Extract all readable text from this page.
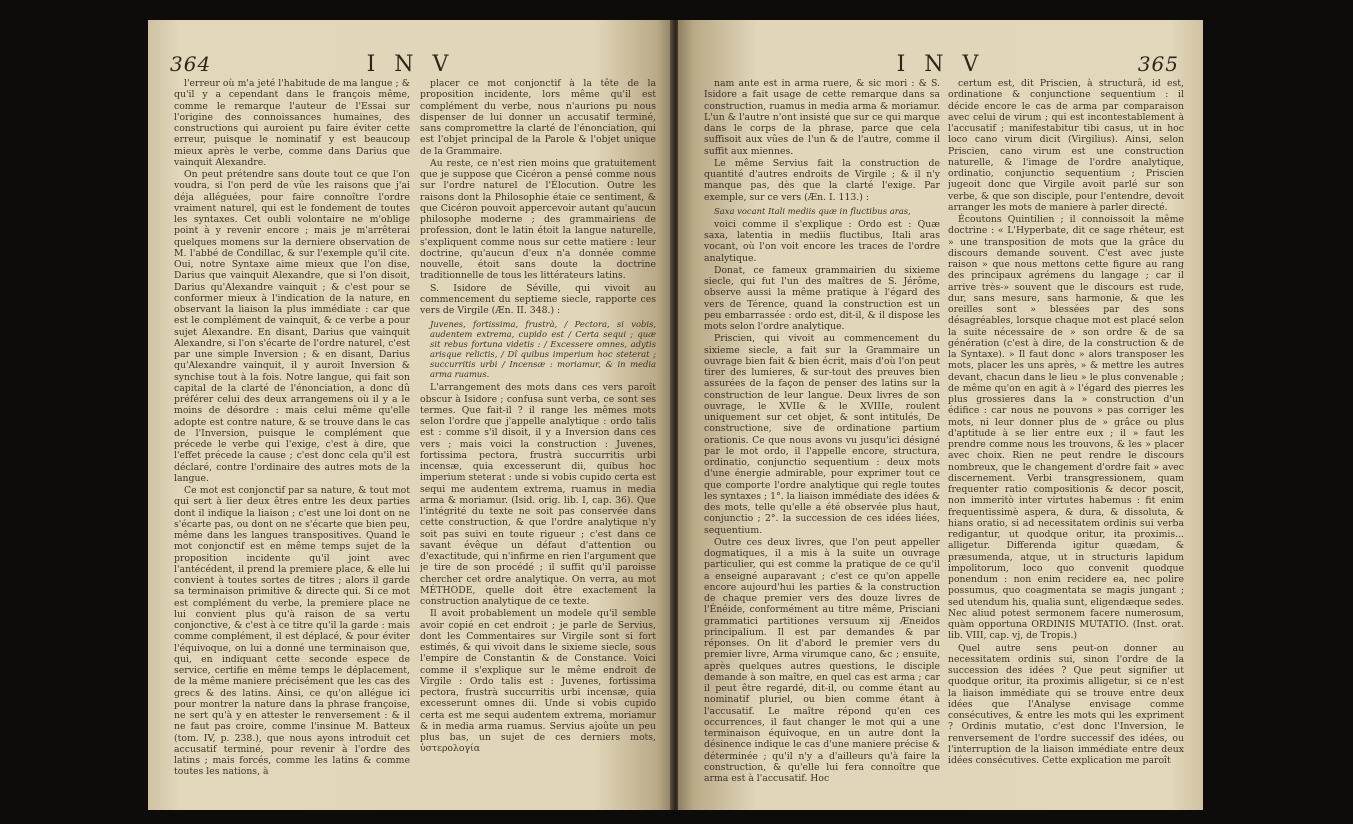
364	I N V

l'erreur où m'a jeté l'habitude de ma langue ; & qu'il y a cependant dans le françois même, comme le remarque l'auteur de l'Essai sur l'origine des connoissances humaines, des constructions qui auroient pu faire éviter cette erreur, puisque le nominatif y est beaucoup mieux après le verbe, comme dans Darius que vainquit Alexandre.

On peut prétendre sans doute tout ce que l'on voudra, si l'on perd de vûe les raisons que j'ai déja alléguées, pour faire connoître l'ordre vraiment naturel, qui est le fondement de toutes les syntaxes. Cet oubli volontaire ne m'oblige point à y revenir encore ; mais je m'arrêterai quelques momens sur la derniere observation de M. l'abbé de Condillac, & sur l'exemple qu'il cite. Oui, notre Syntaxe aime mieux que l'on dise, Darius que vainquit Alexandre, que si l'on disoit, Darius qu'Alexandre vainquit ; & c'est pour se conformer mieux à l'indication de la nature, en observant la liaison la plus immédiate : car que est le complément de vainquit, & ce verbe a pour sujet Alexandre. En disant, Darius que vainquit Alexandre, si l'on s'écarte de l'ordre naturel, c'est par une simple Inversion ; & en disant, Darius qu'Alexandre vainquit, il y auroit Inversion & synchise tout à la fois. Notre langue, qui fait son capital de la clarté de l'énonciation, a donc dû préférer celui des deux arrangemens où il y a le moins de désordre : mais celui même qu'elle adopte est contre nature, & se trouve dans le cas de l'Inversion, puisque le complément que précede le verbe qui l'exige, c'est à dire, que l'effet précede la cause ; c'est donc cela qu'il est déclaré, contre l'ordinaire des autres mots de la langue.

Ce mot est conjonctif par sa nature, & tout mot qui sert à lier deux êtres entre les deux parties dont il indique la liaison ; c'est une loi dont on ne s'écarte pas, ou dont on ne s'écarte que bien peu, même dans les langues transpositives. Quand le mot conjonctif est en même temps sujet de la proposition incidente qu'il joint avec l'antécédent, il prend la premiere place, & elle lui convient à toutes sortes de titres ; alors il garde sa terminaison primitive & directe qui. Si ce mot est complément du verbe, la premiere place ne lui convient plus qu'à raison de sa vertu conjonctive, & c'est à ce titre qu'il la garde : mais comme complément, il est déplacé, & pour éviter l'équivoque, on lui a donné une terminaison que, qui, en indiquant cette seconde espece de service, certifie en même temps le déplacement, de la même maniere précisément que les cas des grecs & des latins. Ainsi, ce qu'on allégue ici pour montrer la nature dans la phrase françoise, ne sert qu'à y en attester le renversement : & il ne faut pas croire, comme l'insinue M. Batteux (tom. IV, p. 238.), que nous ayons introduit cet accusatif terminé, pour revenir à l'ordre des latins ; mais forcés, comme les latins & comme toutes les nations, à

placer ce mot conjonctif à la tête de la proposition incidente, lors même qu'il est complément du verbe, nous n'aurions pu nous dispenser de lui donner un accusatif terminé, sans compromettre la clarté de l'énonciation, qui est l'objet principal de la Parole & l'objet unique de la Grammaire.

Au reste, ce n'est rien moins que gratuitement que je suppose que Cicéron a pensé comme nous sur l'ordre naturel de l'Élocution. Outre les raisons dont la Philosophie étaie ce sentiment, & que Cicéron pouvoit appercevoir autant qu'aucun philosophe moderne ; des grammairiens de profession, dont le latin étoit la langue naturelle, s'expliquent comme nous sur cette matiere : leur doctrine, qu'aucun d'eux n'a donnée comme nouvelle, étoit sans doute la doctrine traditionnelle de tous les littérateurs latins.

S. Isidore de Séville, qui vivoit au commencement du septieme siecle, rapporte ces vers de Virgile (Æn. II. 348.) :

Juvenes, fortissima, frustrà, / Pectora, si vobis, audentem extrema, cupido est / Certa sequi ; quæ sit rebus fortuna videtis : / Excessere omnes, adytis arisque relictis, / Dî quibus imperium hoc steterat ; succurritis urbi / Incensæ : moriamur, & in media arma ruamus.

L'arrangement des mots dans ces vers paroît obscur à Isidore ; confusa sunt verba, ce sont ses termes. Que fait-il ? il range les mêmes mots selon l'ordre que j'appelle analytique : ordo talis est : comme s'il disoit, il y a Inversion dans ces vers ; mais voici la construction : Juvenes, fortissima pectora, frustrà succurritis urbi incensæ, quia excesserunt dii, quibus hoc imperium steterat : unde si vobis cupido certa est sequi me audentem extrema, ruamus in media arma & moriamur. (Isid. orig. lib. I, cap. 36). Que l'intégrité du texte ne soit pas conservée dans cette construction, & que l'ordre analytique n'y soit pas suivi en toute rigueur ; c'est dans ce savant évêque un défaut d'attention ou d'exactitude, qui n'infirme en rien l'argument que je tire de son procédé ; il suffit qu'il paroisse chercher cet ordre analytique. On verra, au mot MÉTHODE, quelle doit être exactement la construction analytique de ce texte.

Il avoit probablement un modele qu'il semble avoir copié en cet endroit ; je parle de Servius, dont les Commentaires sur Virgile sont si fort estimés, & qui vivoit dans le sixieme siecle, sous l'empire de Constantin & de Constance. Voici comme il s'explique sur le même endroit de Virgile : Ordo talis est : Juvenes, fortissima pectora, frustrà succurritis urbi incensæ, quia excesserunt omnes dii. Unde si vobis cupido certa est me sequi audentem extrema, moriamur & in media arma ruamus. Servius ajoûte un peu plus bas, un sujet de ces derniers mots, ὑστερολογία

I N V	365

nam ante est in arma ruere, & sic mori : & S. Isidore a fait usage de cette remarque dans sa construction, ruamus in media arma & moriamur. L'un & l'autre n'ont insisté que sur ce qui marque dans le corps de la phrase, parce que cela suffisoit aux vûes de l'un & de l'autre, comme il suffit aux miennes.

Le même Servius fait la construction de quantité d'autres endroits de Virgile ; & il n'y manque pas, dès que la clarté l'exige. Par exemple, sur ce vers (Æn. I. 113.) :

Saxa vocant Itali mediis quæ in fluctibus aras,

voici comme il s'explique : Ordo est : Quæ saxa, latentia in mediis fluctibus, Itali aras vocant, où l'on voit encore les traces de l'ordre analytique.

Donat, ce fameux grammairien du sixieme siecle, qui fut l'un des maîtres de S. Jérôme, observe aussi la même pratique à l'égard des vers de Térence, quand la construction est un peu embarrassée : ordo est, dit-il, & il dispose les mots selon l'ordre analytique.

Priscien, qui vivoit au commencement du sixieme siecle, a fait sur la Grammaire un ouvrage bien fait & bien écrit, mais d'où l'on peut tirer des lumieres, & sur-tout des preuves bien assurées de la façon de penser des latins sur la construction de leur langue. Deux livres de son ouvrage, le XVIIe & le XVIIIe, roulent uniquement sur cet objet, & sont intitulés, De constructione, sive de ordinatione partium orationis. Ce que nous avons vu jusqu'ici désigné par le mot ordo, il l'appelle encore, structura, ordinatio, conjunctio sequentium : deux mots d'une énergie admirable, pour exprimer tout ce que comporte l'ordre analytique qui regle toutes les syntaxes ; 1°. la liaison immédiate des idées & des mots, telle qu'elle a été observée plus haut, conjunctio ; 2°. la succession de ces idées liées, sequentium.

Outre ces deux livres, que l'on peut appeller dogmatiques, il a mis à la suite un ouvrage particulier, qui est comme la pratique de ce qu'il a enseigné auparavant ; c'est ce qu'on appelle encore aujourd'hui les parties & la construction de chaque premier vers des douze livres de l'Énéide, conformément au titre même, Prisciani grammatici partitiones versuum xij Æneidos principalium. Il est par demandes & par réponses. On lit d'abord le premier vers du premier livre, Arma virumque cano, &c ; ensuite, après quelques autres questions, le disciple demande à son maître, en quel cas est arma ; car il peut être regardé, dit-il, ou comme étant au nominatif pluriel, ou bien comme étant à l'accusatif. Le maître répond qu'en ces occurrences, il faut changer le mot qui a une terminaison équivoque, en un autre dont la désinence indique le cas d'une maniere précise & déterminée ; qu'il n'y a d'ailleurs qu'à faire la construction, & qu'elle lui fera connoître que arma est à l'accusatif. Hoc

certum est, dit Priscien, à structurâ, id est, ordinatione & conjunctione sequentium : il décide encore le cas de arma par comparaison avec celui de virum ; qui est incontestablement à l'accusatif ; manifestabitur tibi casus, ut in hoc loco cano virum dicit (Virgilius). Ainsi, selon Priscien, cano virum est une construction naturelle, & l'image de l'ordre analytique, ordinatio, conjunctio sequentium ; Priscien jugeoit donc que Virgile avoit parlé sur son verbe, & que son disciple, pour l'entendre, devoit arranger les mots de maniere à parler directé.

Écoutons Quintilien ; il connoissoit la même doctrine : « L'Hyperbate, dit ce sage rhéteur, est » une transposition de mots que la grâce du discours demande souvent. C'est avec juste raison » que nous mettons cette figure au rang des principaux agrémens du langage ; car il arrive très-» souvent que le discours est rude, dur, sans mesure, sans harmonie, & que les oreilles sont » blessées par des sons désagréables, lorsque chaque mot est placé selon la suite nécessaire de » son ordre & de sa génération (c'est à dire, de la construction & de la Syntaxe). » Il faut donc » alors transposer les mots, placer les uns après, » & mettre les autres devant, chacun dans le lieu » le plus convenable ; de même qu'on en agit à » l'égard des pierres les plus grossieres dans la » construction d'un édifice : car nous ne pouvons » pas corriger les mots, ni leur donner plus de » grâce ou plus d'aptitude à se lier entre eux ; il » faut les prendre comme nous les trouvons, & les » placer avec choix. Rien ne peut rendre le discours nombreux, que le changement d'ordre fait » avec discernement. Verbi transgressionem, quam frequenter ratio compositionis & decor poscit, non immeritò inter virtutes habemus : fit enim frequentissimè aspera, & dura, & dissoluta, & hians oratio, si ad necessitatem ordinis sui verba redigantur, ut quodque oritur, ita proximis... alligetur. Differenda igitur quædam, & præsumenda, atque, ut in structuris lapidum impolitorum, loco quo convenit quodque ponendum : non enim recidere ea, nec polire possumus, quo coagmentata se magis jungant ; sed utendum his, qualia sunt, eligendæque sedes. Nec aliud potest sermonem facere numerosum, quàm opportuna ORDINIS MUTATIO. (Inst. orat. lib. VIII, cap. vj, de Tropis.)

Quel autre sens peut-on donner au necessitatem ordinis sui, sinon l'ordre de la succession des idées ? Que peut signifier ut quodque oritur, ita proximis alligetur, si ce n'est la liaison immédiate qui se trouve entre deux idées que l'Analyse envisage comme consécutives, & entre les mots qui les expriment ? Ordinis mutatio, c'est donc l'Inversion, le renversement de l'ordre successif des idées, ou l'interruption de la liaison immédiate entre deux idées consécutives. Cette explication me paroît
